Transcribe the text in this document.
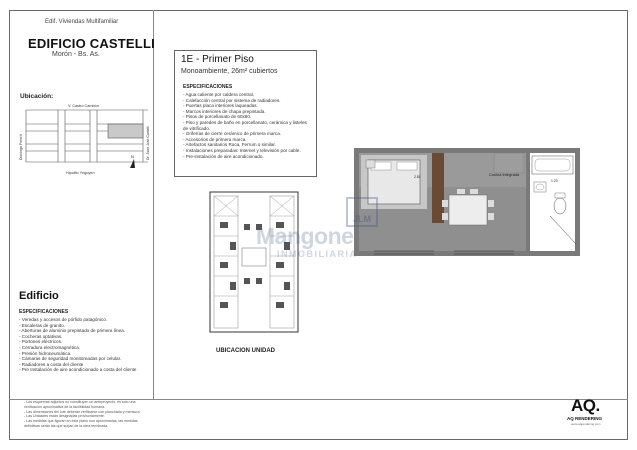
Edif. Viviendas Multifamiliar
EDIFICIO CASTELLI
Morón - Bs. As.
Ubicación:
V. Castro Cambón
Hipólito Yrigoyen
Domingo French	Dr. Juan José Castelli
N
Edificio
ESPECIFICACIONES
- Veredas y accesos de pórfido patagónico.
- Escaleras de granito.
- Aberturas de aluminio prepintado de primera línea.
- Cocheras optativas.
- Portones eléctricos.
- Cerradura electromagnética.
- Presión hidroneumática.
- Cámaras de seguridad monitoreadas por celular.
- Radiadores a costa del cliente
- Pre Instalación de aire acondicionado a costa del cliente
1E - Primer Piso
Monoambiente, 26m² cubiertos
ESPECIFICACIONES
- Agua caliente por caldera central.
- Calefacción central por sistema de radiadores.
- Puertas placa interiores laqueadas.
- Marcos interiores de chapa prepintada.
- Pisos de porcellanato de 60x60.
- Piso y paredes de baño en porcellanato, cerámica y listeles de vitrificado.
- Griferías de cierre cerámico de primera marca.
- Accesorios de primera marca.
- Artefactos sanitarios Roca, Ferrum o similar.
- Instalaciones preparadas: Internet y televisión por cable.
- Pre-instalación de aire acondicionado.
UBICACION UNIDAD
Cocina integrada
2.81
1.20
JLM
Mangone
INMOBILIARIA
- Los esquemas adjuntos no constituyen un anteproyecto, es solo una verificación aproximativa de la factibilidad humana.
- Las dimensiones del lote deberán verificarse con planchada y mensura.
- Las Unidades están designadas provisoriamente.
- Las medidas que figuran en este plano son aproximadas, las medidas definitivas serán las que surjan de la obra terminada.
AQ.
AQ RENDERING
www.aqrendering.com
